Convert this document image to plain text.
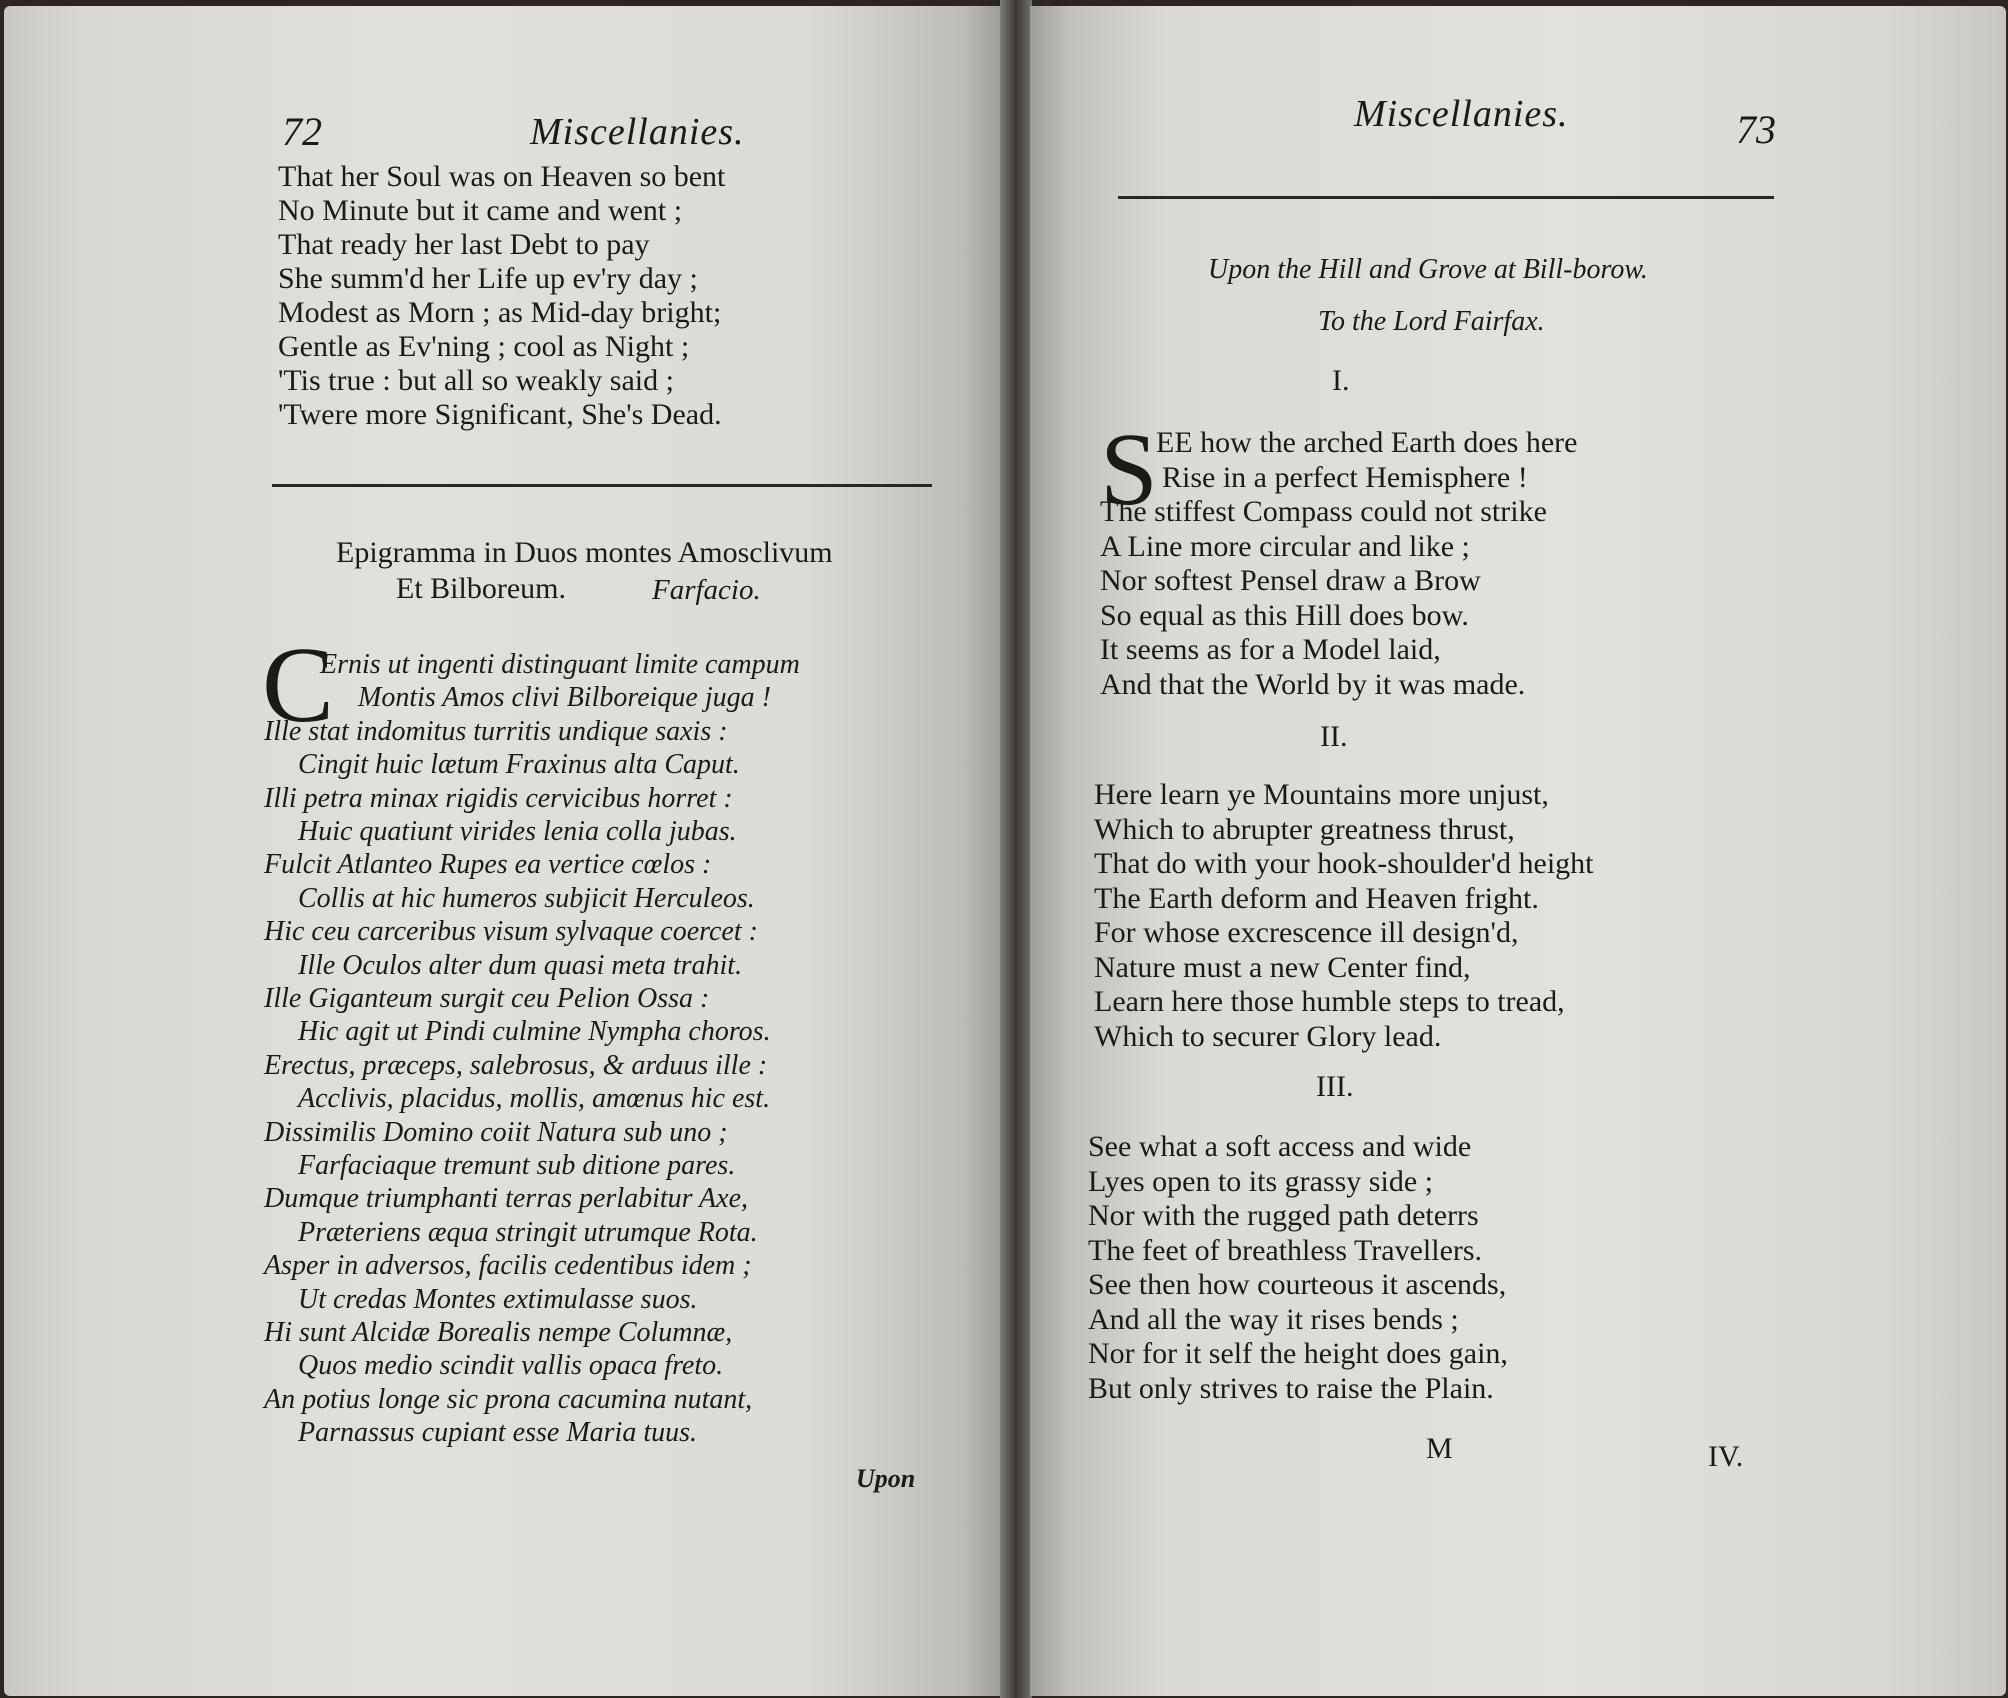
72	Miscellanies.
That her Soul was on Heaven so bent
No Minute but it came and went ;
That ready her last Debt to pay
She summ'd her Life up ev'ry day ;
Modest as Morn ; as Mid-day bright;
Gentle as Ev'ning ; cool as Night ;
'Tis true : but all so weakly said ;
'Twere more Significant, She's Dead.
Epigramma in Duos montes Amosclivum
Et Bilboreum.	Farfacio.
C
Ernis ut ingenti distinguant limite campum
Montis Amos clivi Bilboreique juga !
Ille stat indomitus turritis undique saxis :
Cingit huic lætum Fraxinus alta Caput.
Illi petra minax rigidis cervicibus horret :
Huic quatiunt virides lenia colla jubas.
Fulcit Atlanteo Rupes ea vertice cœlos :
Collis at hic humeros subjicit Herculeos.
Hic ceu carceribus visum sylvaque coercet :
Ille Oculos alter dum quasi meta trahit.
Ille Giganteum surgit ceu Pelion Ossa :
Hic agit ut Pindi culmine Nympha choros.
Erectus, præceps, salebrosus, & arduus ille :
Acclivis, placidus, mollis, amœnus hic est.
Dissimilis Domino coiit Natura sub uno ;
Farfaciaque tremunt sub ditione pares.
Dumque triumphanti terras perlabitur Axe,
Præteriens æqua stringit utrumque Rota.
Asper in adversos, facilis cedentibus idem ;
Ut credas Montes extimulasse suos.
Hi sunt Alcidæ Borealis nempe Columnæ,
Quos medio scindit vallis opaca freto.
An potius longe sic prona cacumina nutant,
Parnassus cupiant esse Maria tuus.
Upon
Miscellanies.	73
Upon the Hill and Grove at Bill-borow.
To the Lord Fairfax.
I.
S
EE how the arched Earth does here
Rise in a perfect Hemisphere !
The stiffest Compass could not strike
A Line more circular and like ;
Nor softest Pensel draw a Brow
So equal as this Hill does bow.
It seems as for a Model laid,
And that the World by it was made.
II.
Here learn ye Mountains more unjust,
Which to abrupter greatness thrust,
That do with your hook-shoulder'd height
The Earth deform and Heaven fright.
For whose excrescence ill design'd,
Nature must a new Center find,
Learn here those humble steps to tread,
Which to securer Glory lead.
III.
See what a soft access and wide
Lyes open to its grassy side ;
Nor with the rugged path deterrs
The feet of breathless Travellers.
See then how courteous it ascends,
And all the way it rises bends ;
Nor for it self the height does gain,
But only strives to raise the Plain.
M	IV.
